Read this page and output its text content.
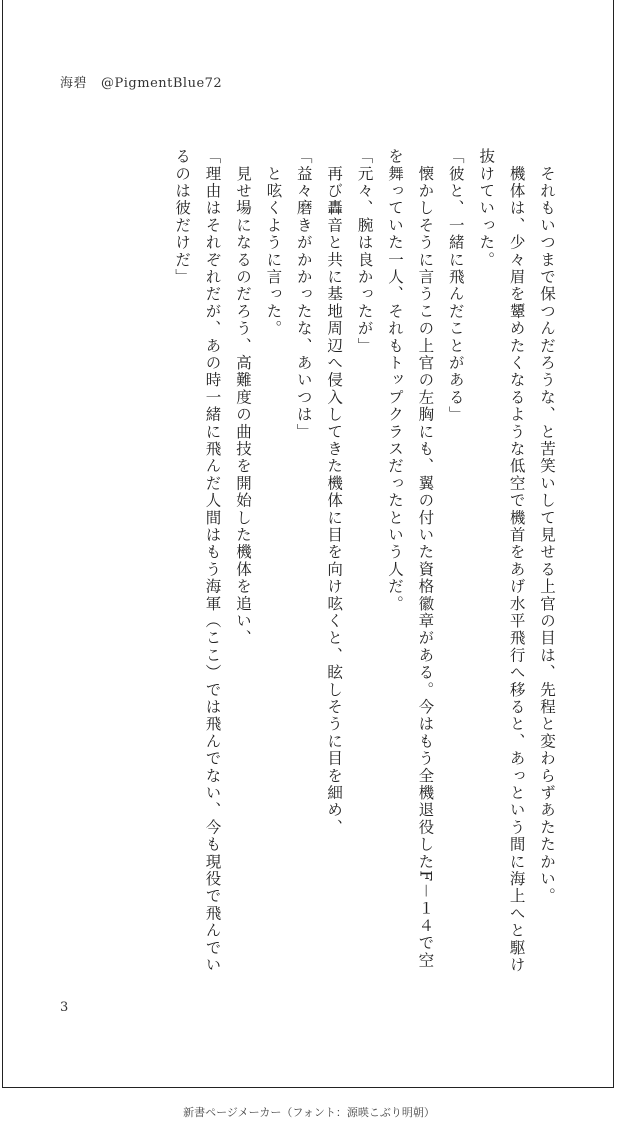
海碧 @PigmentBlue72

　それもいつまで保つんだろうな、と苦笑いして見せる上官の目は、先程と変わらずあたたかい。

　機体は、少々眉を顰めたくなるような低空で機首をあげ水平飛行へ移ると、あっという間に海上へと駆け抜けていった。

「彼と、一緒に飛んだことがある」

　懐かしそうに言うこの上官の左胸にも、翼の付いた資格徽章がある。今はもう全機退役したF－１４で空を舞っていた一人、それもトップクラスだったという人だ。

「元々、腕は良かったが」

　再び轟音と共に基地周辺へ侵入してきた機体に目を向け呟くと、眩しそうに目を細め、

「益々磨きがかかったな、あいつは」

　と呟くように言った。

　見せ場になるのだろう、高難度の曲技を開始した機体を追い、

「理由はそれぞれだが、あの時一緒に飛んだ人間はもう海軍（ここ）では飛んでない、今も現役で飛んでいるのは彼だけだ」

3
新書ページメーカー（フォント：源暎こぶり明朝）
